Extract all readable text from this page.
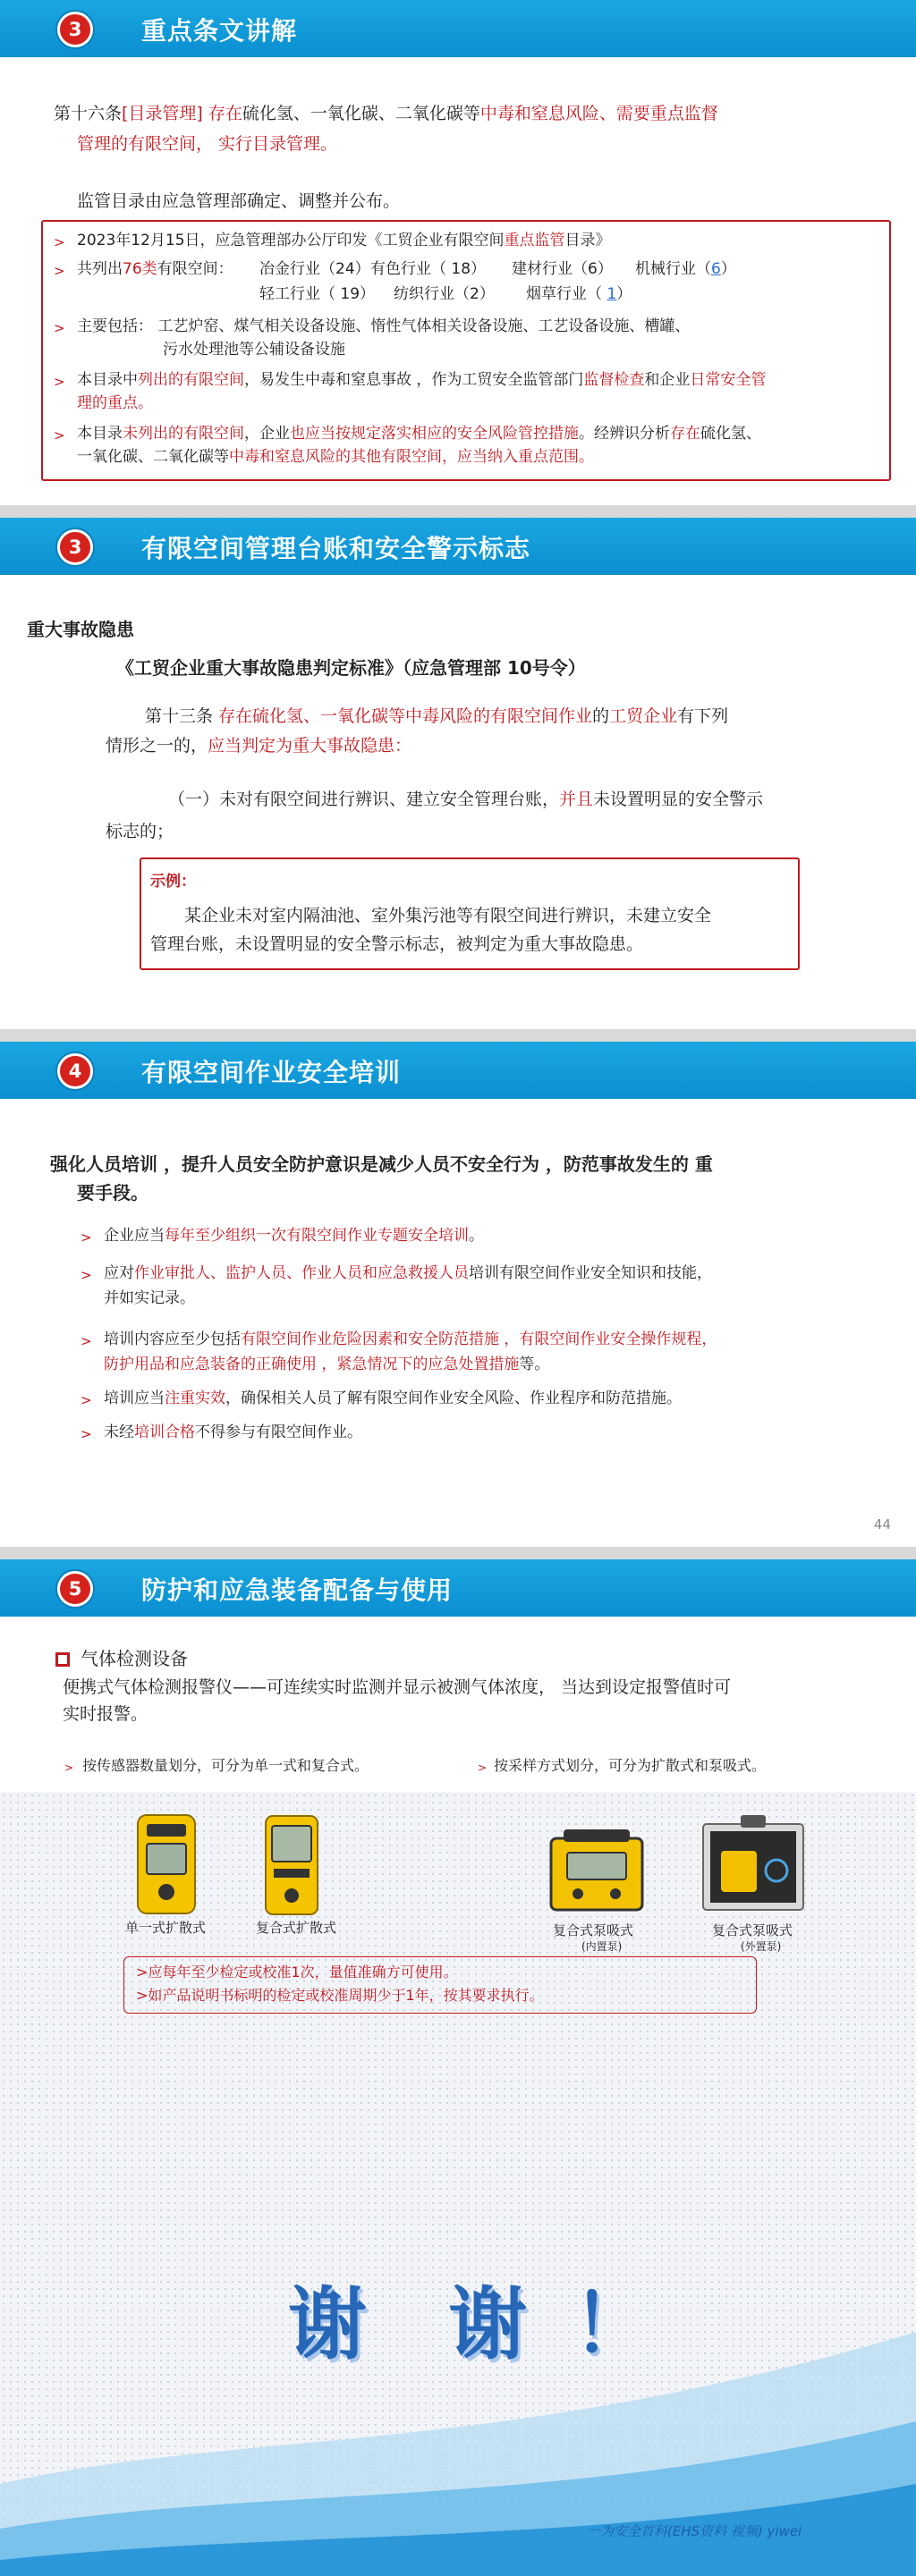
3	重点条文讲解
第十六条[目录管理] 存在硫化氢、一氧化碳、二氧化碳等中毒和窒息风险、需要重点监督
管理的有限空间， 实行目录管理。
监管目录由应急管理部确定、调整并公布。
> 2023年12月15日，应急管理部办公厅印发《工贸企业有限空间重点监管目录》
> 共列出76类有限空间： 冶金行业（24）有色行业（ 18） 建材行业（6） 机械行业（6）
轻工行业（ 19） 纺织行业（2） 烟草行业（ 1）
> 主要包括： 工艺炉窑、煤气相关设备设施、惰性气体相关设备设施、工艺设备设施、槽罐、
污水处理池等公辅设备设施
> 本目录中列出的有限空间，易发生中毒和窒息事故 ，作为工贸安全监管部门监督检查和企业日常安全管
理的重点。
> 本目录未列出的有限空间，企业也应当按规定落实相应的安全风险管控措施。经辨识分析存在硫化氢、
一氧化碳、二氧化碳等中毒和窒息风险的其他有限空间，应当纳入重点范围。
3	有限空间管理台账和安全警示标志
重大事故隐患
《工贸企业重大事故隐患判定标准》（应急管理部 10号令）
第十三条 存在硫化氢、一氧化碳等中毒风险的有限空间作业的工贸企业有下列
情形之一的，应当判定为重大事故隐患：
（一）未对有限空间进行辨识、建立安全管理台账，并且未设置明显的安全警示
标志的；
示例：
某企业未对室内隔油池、室外集污池等有限空间进行辨识，未建立安全
管理台账，未设置明显的安全警示标志，被判定为重大事故隐患。
4	有限空间作业安全培训
强化人员培训 ，提升人员安全防护意识是减少人员不安全行为 ，防范事故发生的 重
要手段。
> 企业应当每年至少组织一次有限空间作业专题安全培训。
> 应对作业审批人、监护人员、作业人员和应急救援人员培训有限空间作业安全知识和技能，
并如实记录。
> 培训内容应至少包括有限空间作业危险因素和安全防范措施 ，有限空间作业安全操作规程，
防护用品和应急装备的正确使用 ，紧急情况下的应急处置措施等。
> 培训应当注重实效，确保相关人员了解有限空间作业安全风险、作业程序和防范措施。
> 未经培训合格不得参与有限空间作业。
44
5	防护和应急装备配备与使用
气体检测设备
便携式气体检测报警仪——可连续实时监测并显示被测气体浓度， 当达到设定报警值时可
实时报警。
> 按传感器数量划分，可分为单一式和复合式。	> 按采样方式划分，可分为扩散式和泵吸式。
单一式扩散式	复合式扩散式	复合式泵吸式
(内置泵)
复合式泵吸式
(外置泵)
>应每年至少检定或校准1次，量值准确方可使用。
>如产品说明书标明的检定或校准周期少于1年，按其要求执行。
谢  谢 ！
一为安全首科(EHS资料 视频) yiwei
